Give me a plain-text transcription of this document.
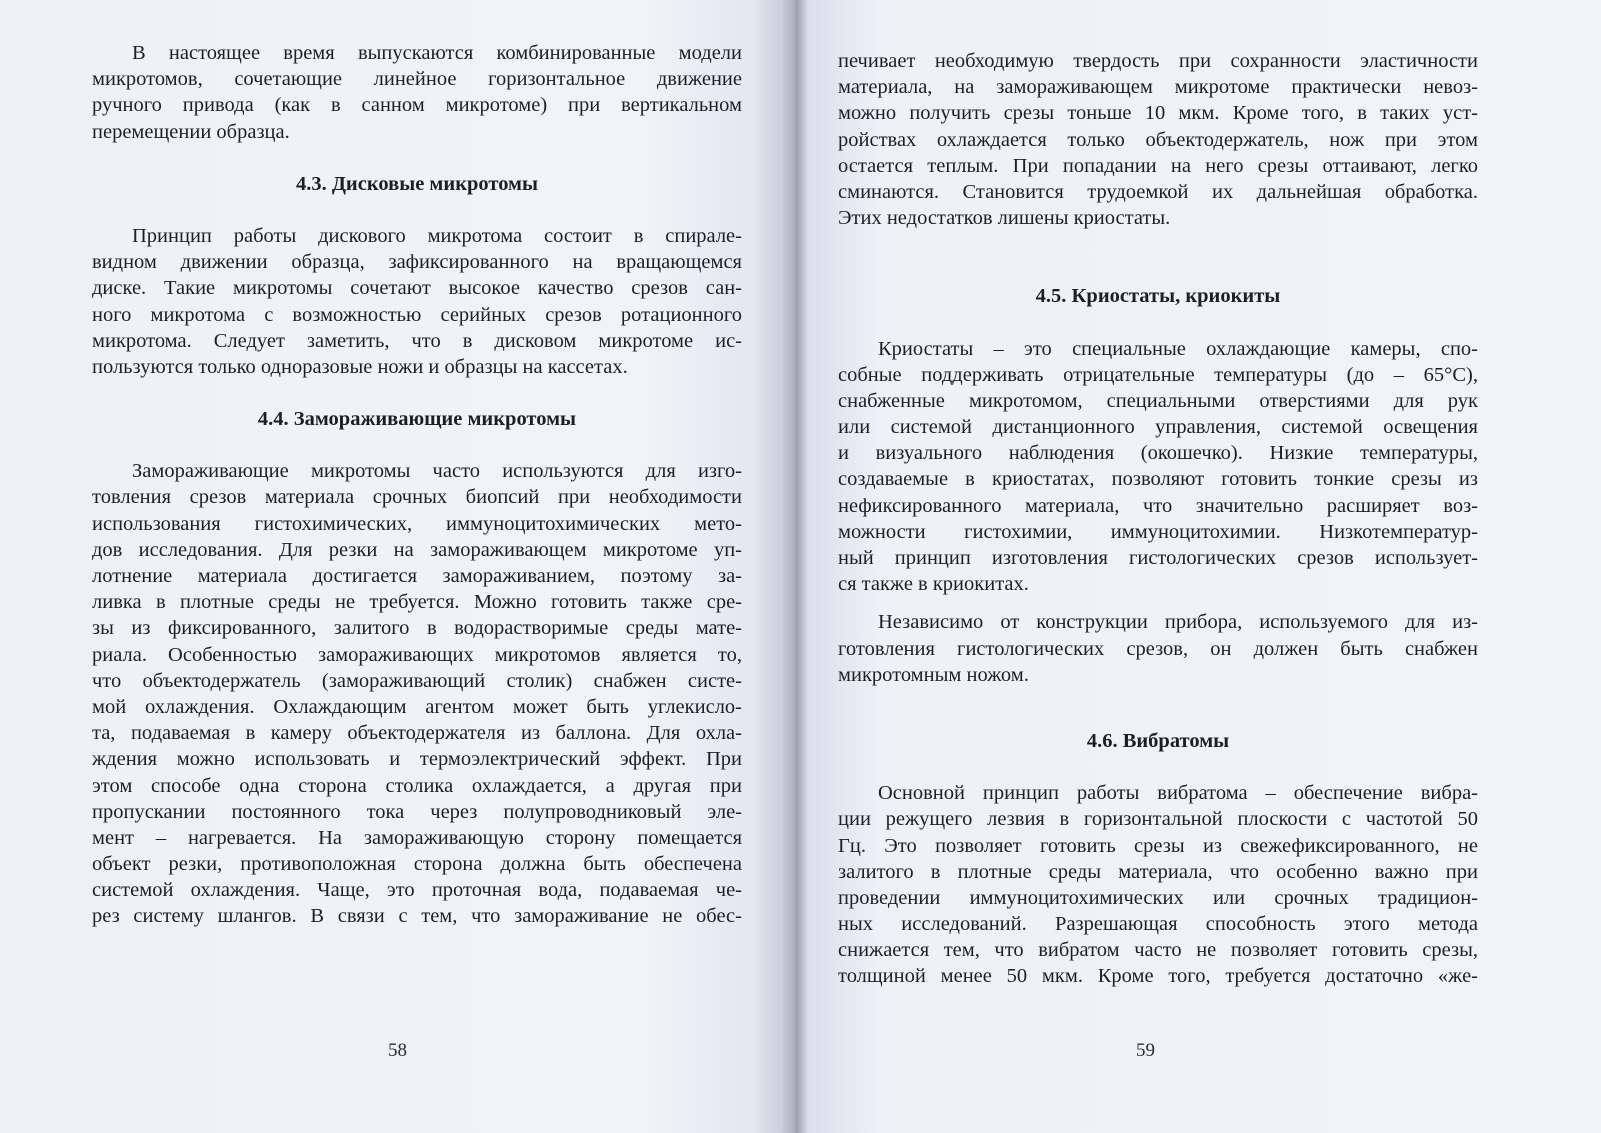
В настоящее время выпускаются комбинированные модели
микротомов, сочетающие линейное горизонтальное движение
ручного привода (как в санном микротоме) при вертикальном
перемещении образца.
4.3. Дисковые микротомы
Принцип работы дискового микротома состоит в спирале-
видном движении образца, зафиксированного на вращающемся
диске. Такие микротомы сочетают высокое качество срезов сан-
ного микротома с возможностью серийных срезов ротационного
микротома. Следует заметить, что в дисковом микротоме ис-
пользуются только одноразовые ножи и образцы на кассетах.
4.4. Замораживающие микротомы
Замораживающие микротомы часто используются для изго-
товления срезов материала срочных биопсий при необходимости
использования гистохимических, иммуноцитохимических мето-
дов исследования. Для резки на замораживающем микротоме уп-
лотнение материала достигается замораживанием, поэтому за-
ливка в плотные среды не требуется. Можно готовить также сре-
зы из фиксированного, залитого в водорастворимые среды мате-
риала. Особенностью замораживающих микротомов является то,
что объектодержатель (замораживающий столик) снабжен систе-
мой охлаждения. Охлаждающим агентом может быть углекисло-
та, подаваемая в камеру объектодержателя из баллона. Для охла-
ждения можно использовать и термоэлектрический эффект. При
этом способе одна сторона столика охлаждается, а другая при
пропускании постоянного тока через полупроводниковый эле-
мент – нагревается. На замораживающую сторону помещается
объект резки, противоположная сторона должна быть обеспечена
системой охлаждения. Чаще, это проточная вода, подаваемая че-
рез систему шлангов. В связи с тем, что замораживание не обес-
58
печивает необходимую твердость при сохранности эластичности
материала, на замораживающем микротоме практически невоз-
можно получить срезы тоньше 10 мкм. Кроме того, в таких уст-
ройствах охлаждается только объектодержатель, нож при этом
остается теплым. При попадании на него срезы оттаивают, легко
сминаются. Становится трудоемкой их дальнейшая обработка.
Этих недостатков лишены криостаты.
4.5. Криостаты, криокиты
Криостаты – это специальные охлаждающие камеры, спо-
собные поддерживать отрицательные температуры (до – 65°С),
снабженные микротомом, специальными отверстиями для рук
или системой дистанционного управления, системой освещения
и визуального наблюдения (окошечко). Низкие температуры,
создаваемые в криостатах, позволяют готовить тонкие срезы из
нефиксированного материала, что значительно расширяет воз-
можности гистохимии, иммуноцитохимии. Низкотемператур-
ный принцип изготовления гистологических срезов использует-
ся также в криокитах.
Независимо от конструкции прибора, используемого для из-
готовления гистологических срезов, он должен быть снабжен
микротомным ножом.
4.6. Вибратомы
Основной принцип работы вибратома – обеспечение вибра-
ции режущего лезвия в горизонтальной плоскости с частотой 50
Гц. Это позволяет готовить срезы из свежефиксированного, не
залитого в плотные среды материала, что особенно важно при
проведении иммуноцитохимических или срочных традицион-
ных исследований. Разрешающая способность этого метода
снижается тем, что вибратом часто не позволяет готовить срезы,
толщиной менее 50 мкм. Кроме того, требуется достаточно «же-
59
